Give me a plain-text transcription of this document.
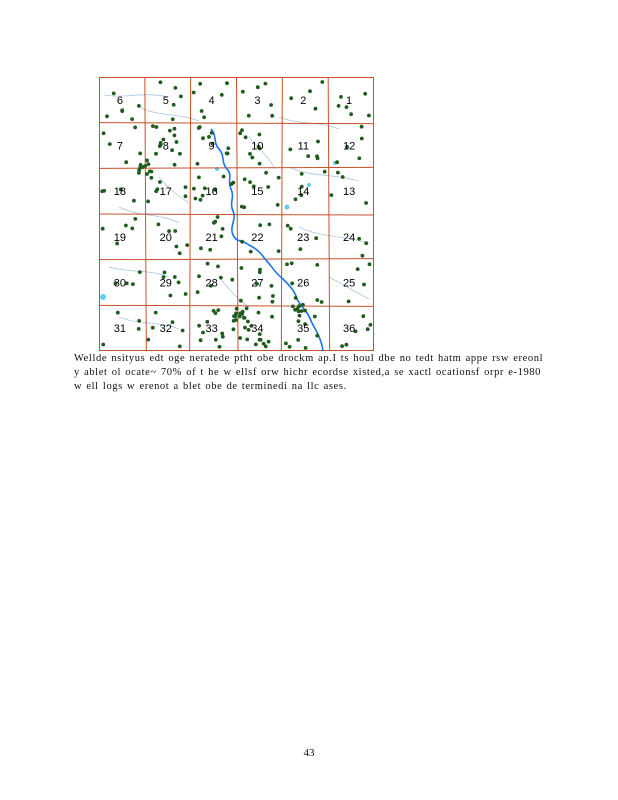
6	5	4	3	2	1
7	8	9	10	11	12
18	17	16	15	14	13
19	20	21	22	23	24
30	29	28	27	26	25
31	32	33	34	35	36
Wellde nsityus edt oge neratede ptht obe drockm ap.I ts houl dbe no tedt hatm appe rsw ereonl y ablet ol ocate~ 70% of t he w ellsf orw hichr ecordse xisted,a se xactl ocationsf orpr e-1980 w ell logs w erenot a blet obe de terminedi na llc ases.
43
